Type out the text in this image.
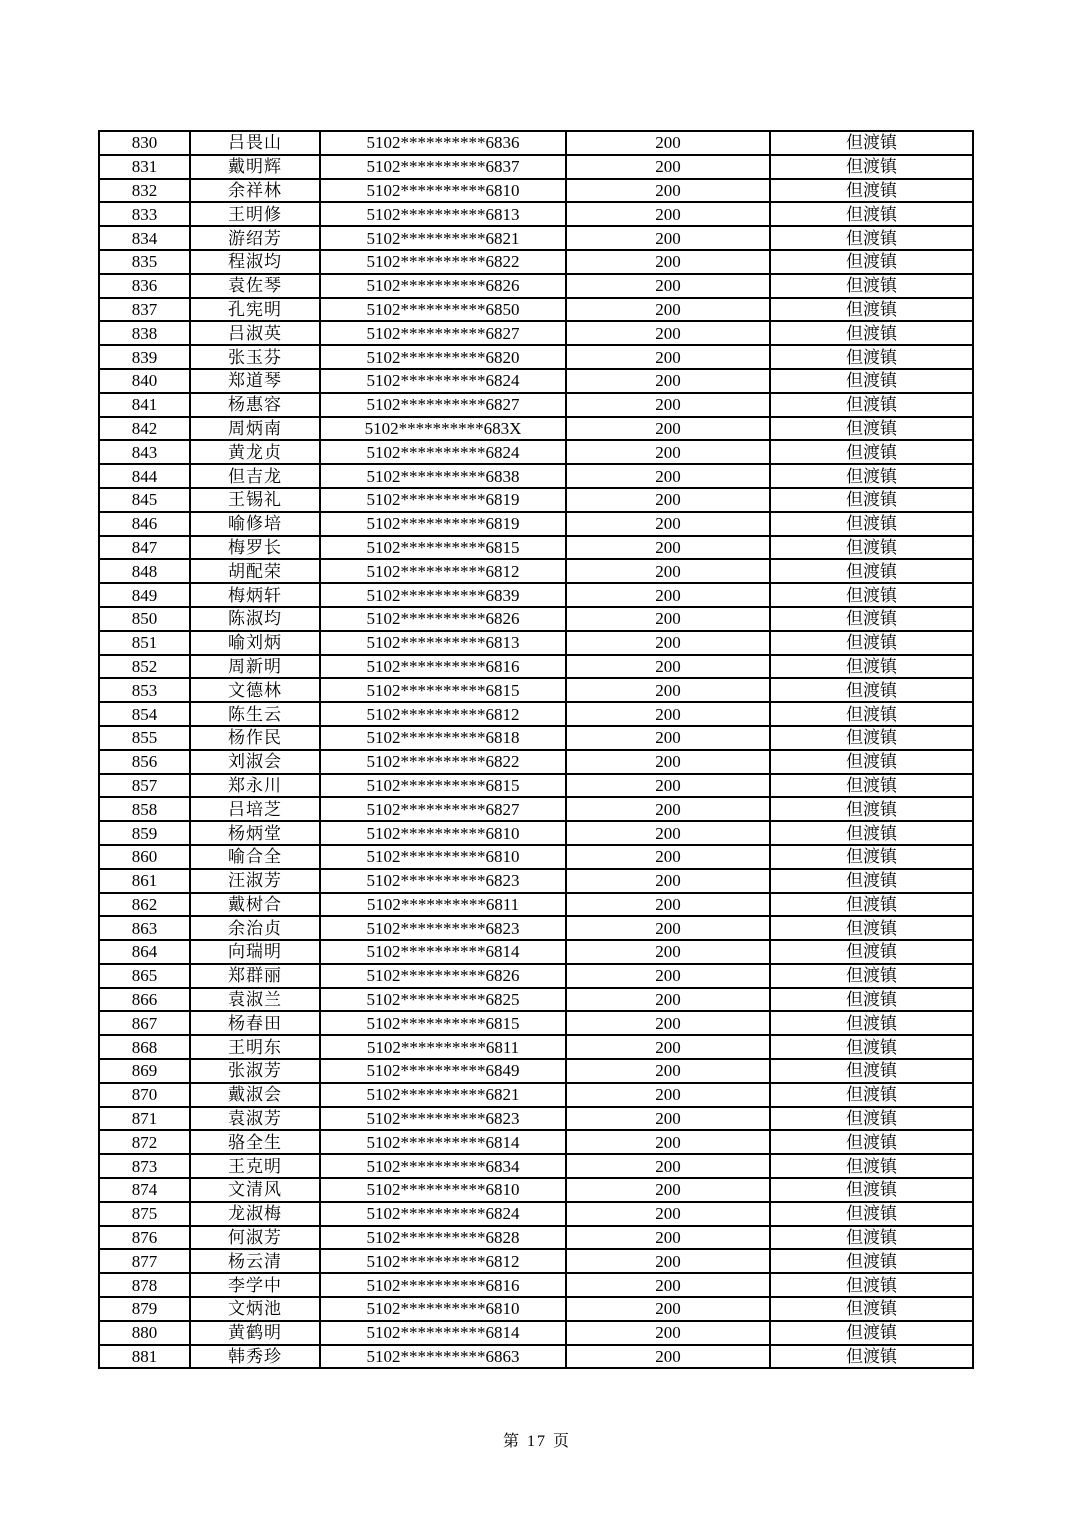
830	吕畏山	5102**********6836	200	但渡镇
831	戴明辉	5102**********6837	200	但渡镇
832	余祥林	5102**********6810	200	但渡镇
833	王明修	5102**********6813	200	但渡镇
834	游绍芳	5102**********6821	200	但渡镇
835	程淑均	5102**********6822	200	但渡镇
836	袁佐琴	5102**********6826	200	但渡镇
837	孔宪明	5102**********6850	200	但渡镇
838	吕淑英	5102**********6827	200	但渡镇
839	张玉芬	5102**********6820	200	但渡镇
840	郑道琴	5102**********6824	200	但渡镇
841	杨惠容	5102**********6827	200	但渡镇
842	周炳南	5102**********683X	200	但渡镇
843	黄龙贞	5102**********6824	200	但渡镇
844	但吉龙	5102**********6838	200	但渡镇
845	王锡礼	5102**********6819	200	但渡镇
846	喻修培	5102**********6819	200	但渡镇
847	梅罗长	5102**********6815	200	但渡镇
848	胡配荣	5102**********6812	200	但渡镇
849	梅炳轩	5102**********6839	200	但渡镇
850	陈淑均	5102**********6826	200	但渡镇
851	喻刘炳	5102**********6813	200	但渡镇
852	周新明	5102**********6816	200	但渡镇
853	文德林	5102**********6815	200	但渡镇
854	陈生云	5102**********6812	200	但渡镇
855	杨作民	5102**********6818	200	但渡镇
856	刘淑会	5102**********6822	200	但渡镇
857	郑永川	5102**********6815	200	但渡镇
858	吕培芝	5102**********6827	200	但渡镇
859	杨炳堂	5102**********6810	200	但渡镇
860	喻合全	5102**********6810	200	但渡镇
861	汪淑芳	5102**********6823	200	但渡镇
862	戴树合	5102**********6811	200	但渡镇
863	余治贞	5102**********6823	200	但渡镇
864	向瑞明	5102**********6814	200	但渡镇
865	郑群丽	5102**********6826	200	但渡镇
866	袁淑兰	5102**********6825	200	但渡镇
867	杨春田	5102**********6815	200	但渡镇
868	王明东	5102**********6811	200	但渡镇
869	张淑芳	5102**********6849	200	但渡镇
870	戴淑会	5102**********6821	200	但渡镇
871	袁淑芳	5102**********6823	200	但渡镇
872	骆全生	5102**********6814	200	但渡镇
873	王克明	5102**********6834	200	但渡镇
874	文清风	5102**********6810	200	但渡镇
875	龙淑梅	5102**********6824	200	但渡镇
876	何淑芳	5102**********6828	200	但渡镇
877	杨云清	5102**********6812	200	但渡镇
878	李学中	5102**********6816	200	但渡镇
879	文炳池	5102**********6810	200	但渡镇
880	黄鹤明	5102**********6814	200	但渡镇
881	韩秀珍	5102**********6863	200	但渡镇
第 17 页
